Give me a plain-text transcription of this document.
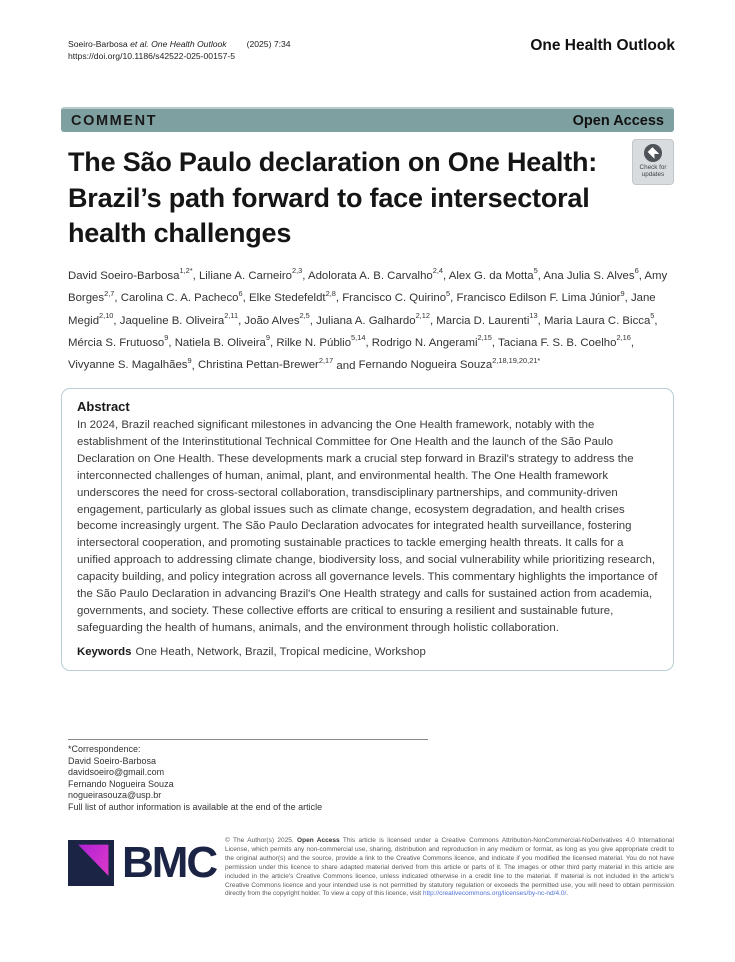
Soeiro-Barbosa et al. One Health Outlook (2025) 7:34
https://doi.org/10.1186/s42522-025-00157-5
One Health Outlook
COMMENT	Open Access
The São Paulo declaration on One Health:
Brazil’s path forward to face intersectoral
health challenges
Check for
updates
David Soeiro-Barbosa$^{1,2*}$, Liliane A. Carneiro$^{2,3}$, Adolorata A. B. Carvalho$^{2,4}$, Alex G. da Motta$^5$, Ana Julia S. Alves$^6$, Amy Borges$^{2,7}$, Carolina C. A. Pacheco$^6$, Elke Stedefeldt$^{2,8}$, Francisco C. Quirino$^5$, Francisco Edilson F. Lima Júnior$^9$, Jane Megid$^{2,10}$, Jaqueline B. Oliveira$^{2,11}$, João Alves$^{2,5}$, Juliana A. Galhardo$^{2,12}$, Marcia D. Laurenti$^{13}$, Maria Laura C. Bicca$^5$, Mércia S. Frutuoso$^9$, Natiela B. Oliveira$^9$, Rilke N. Públio$^{5,14}$, Rodrigo N. Angerami$^{2,15}$, Taciana F. S. B. Coelho$^{2,16}$, Vivyanne S. Magalhães$^9$, Christina Pettan-Brewer$^{2,17}$ and Fernando Nogueira Souza$^{2,18,19,20,21*}$
Abstract

In 2024, Brazil reached significant milestones in advancing the One Health framework, notably with the establishment of the Interinstitutional Technical Committee for One Health and the launch of the São Paulo Declaration on One Health. These developments mark a crucial step forward in Brazil's strategy to address the interconnected challenges of human, animal, plant, and environmental health. The One Health framework underscores the need for cross-sectoral collaboration, transdisciplinary partnerships, and community-driven engagement, particularly as global issues such as climate change, ecosystem degradation, and health crises become increasingly urgent. The São Paulo Declaration advocates for integrated health surveillance, fostering intersectoral cooperation, and promoting sustainable practices to tackle emerging health threats. It calls for a unified approach to addressing climate change, biodiversity loss, and social vulnerability while prioritizing research, capacity building, and policy integration across all governance levels. This commentary highlights the importance of the São Paulo Declaration in advancing Brazil's One Health strategy and calls for sustained action from academia, governments, and society. These collective efforts are critical to ensuring a resilient and sustainable future, safeguarding the health of humans, animals, and the environment through holistic collaboration.

Keywords One Heath, Network, Brazil, Tropical medicine, Workshop
*Correspondence:
David Soeiro-Barbosa
davidsoeiro@gmail.com
Fernando Nogueira Souza
nogueirasouza@usp.br
Full list of author information is available at the end of the article
BMC © The Author(s) 2025. Open Access This article is licensed under a Creative Commons Attribution-NonCommercial-NoDerivatives 4.0 International License, which permits any non-commercial use, sharing, distribution and reproduction in any medium or format, as long as you give appropriate credit to the original author(s) and the source, provide a link to the Creative Commons licence, and indicate if you modified the licensed material. You do not have permission under this licence to share adapted material derived from this article or parts of it. The images or other third party material in this article are included in the article's Creative Commons licence, unless indicated otherwise in a credit line to the material. If material is not included in the article's Creative Commons licence and your intended use is not permitted by statutory regulation or exceeds the permitted use, you will need to obtain permission directly from the copyright holder. To view a copy of this licence, visit http://creativecommons.org/licenses/by-nc-nd/4.0/.
